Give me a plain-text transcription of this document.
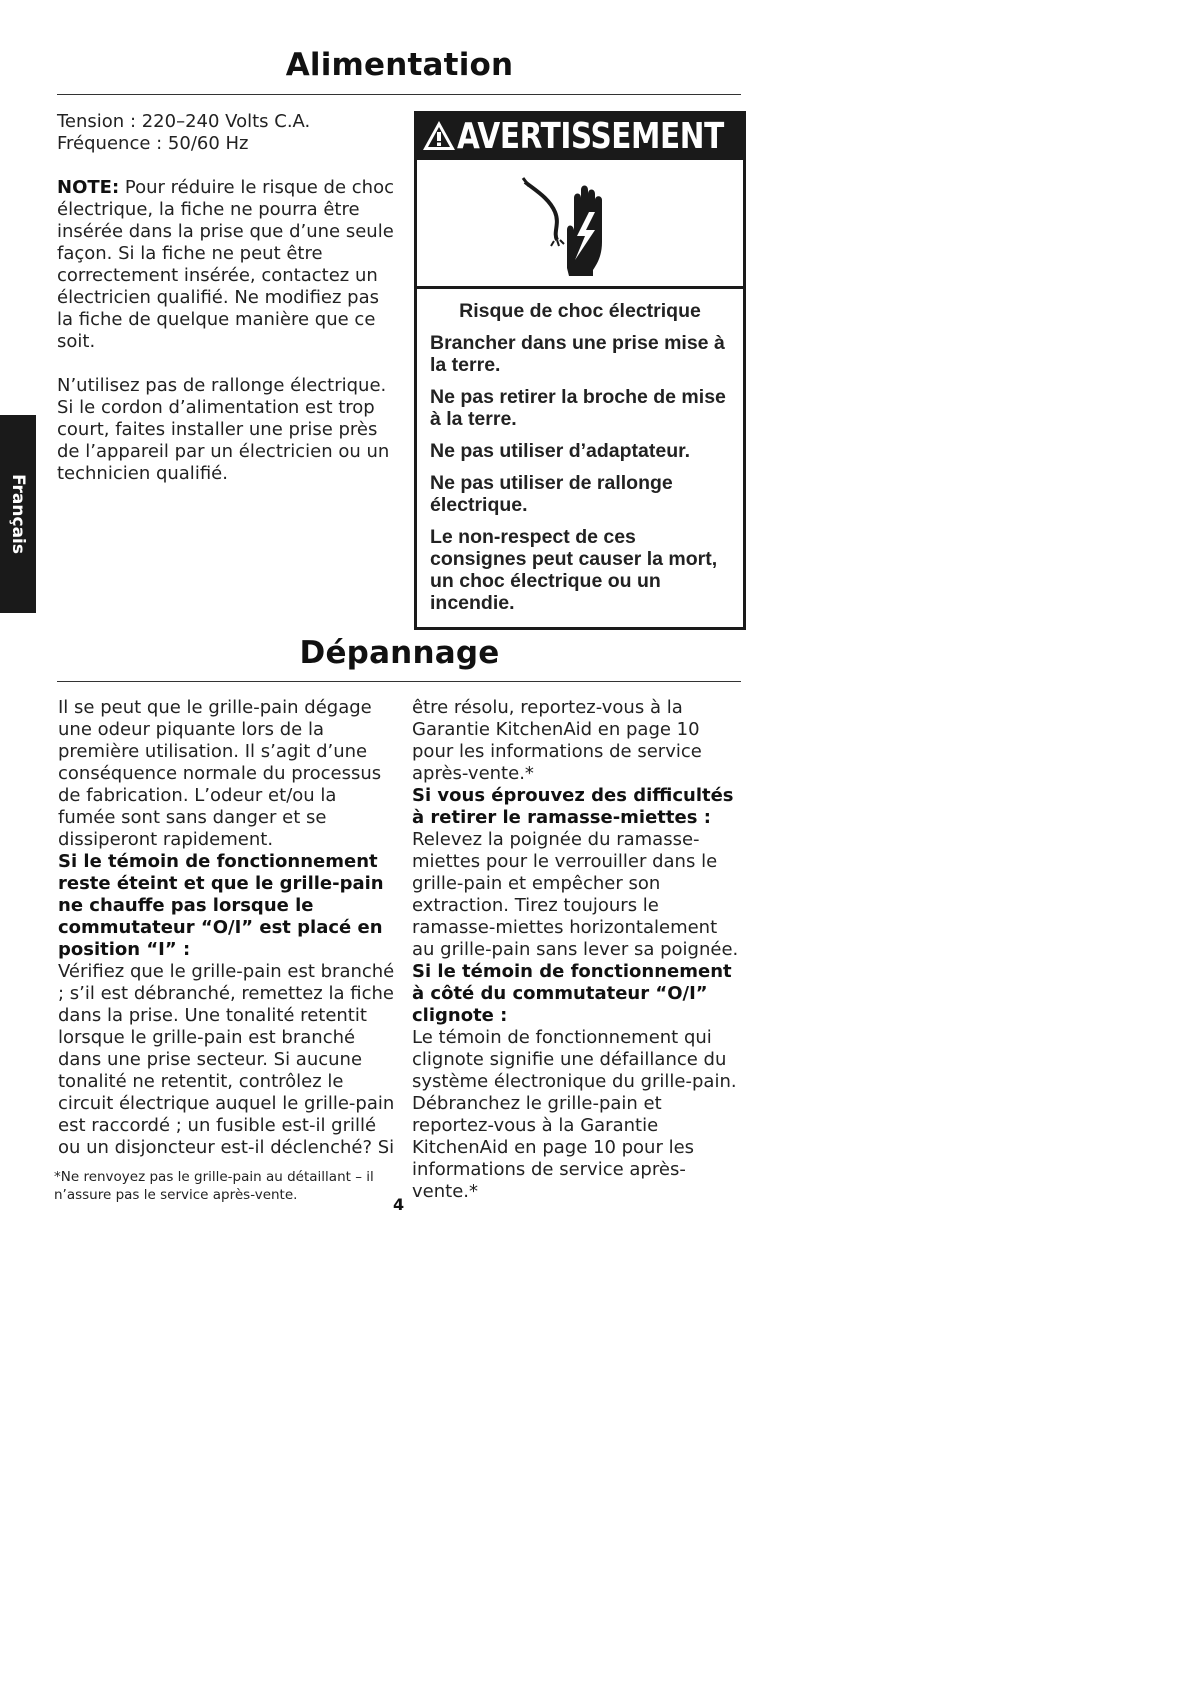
Alimentation
Français

Tension : 220–240 Volts C.A.

Fréquence : 50/60 Hz

NOTE: Pour réduire le risque de choc électrique, la fiche ne pourra être insérée dans la prise que d’une seule façon. Si la fiche ne peut être correctement insérée, contactez un électricien qualifié. Ne modifiez pas la fiche de quelque manière que ce soit.

N’utilisez pas de rallonge électrique. Si le cordon d’alimentation est trop court, faites installer une prise près de l’appareil par un électricien ou un technicien qualifié.

AVERTISSEMENT

Risque de choc électrique

Brancher dans une prise mise à la terre.

Ne pas retirer la broche de mise à la terre.

Ne pas utiliser d’adaptateur.

Ne pas utiliser de rallonge électrique.

Le non-respect de ces consignes peut causer la mort, un choc électrique ou un incendie.

Dépannage

Il se peut que le grille-pain dégage une odeur piquante lors de la première utilisation. Il s’agit d’une conséquence normale du processus de fabrication. L’odeur et/ou la fumée sont sans danger et se dissiperont rapidement.

Si le témoin de fonctionnement reste éteint et que le grille-pain ne chauffe pas lorsque le commutateur “O/I” est placé en position “I” :

Vérifiez que le grille-pain est branché ; s’il est débranché, remettez la fiche dans la prise. Une tonalité retentit lorsque le grille-pain est branché dans une prise secteur. Si aucune tonalité ne retentit, contrôlez le circuit électrique auquel le grille-pain est raccordé ; un fusible est-il grillé ou un disjoncteur est-il déclenché? Si

être résolu, reportez-vous à la Garantie KitchenAid en page 10 pour les informations de service après-vente.*

Si vous éprouvez des difficultés à retirer le ramasse-miettes :

Relevez la poignée du ramasse-miettes pour le verrouiller dans le grille-pain et empêcher son extraction. Tirez toujours le ramasse-miettes horizontalement au grille-pain sans lever sa poignée.

Si le témoin de fonctionnement à côté du commutateur “O/I” clignote :

Le témoin de fonctionnement qui clignote signifie une défaillance du système électronique du grille-pain. Débranchez le grille-pain et reportez-vous à la Garantie KitchenAid en page 10 pour les informations de service après-vente.*

*Ne renvoyez pas le grille-pain au détaillant – il n’assure pas le service après-vente.	4
